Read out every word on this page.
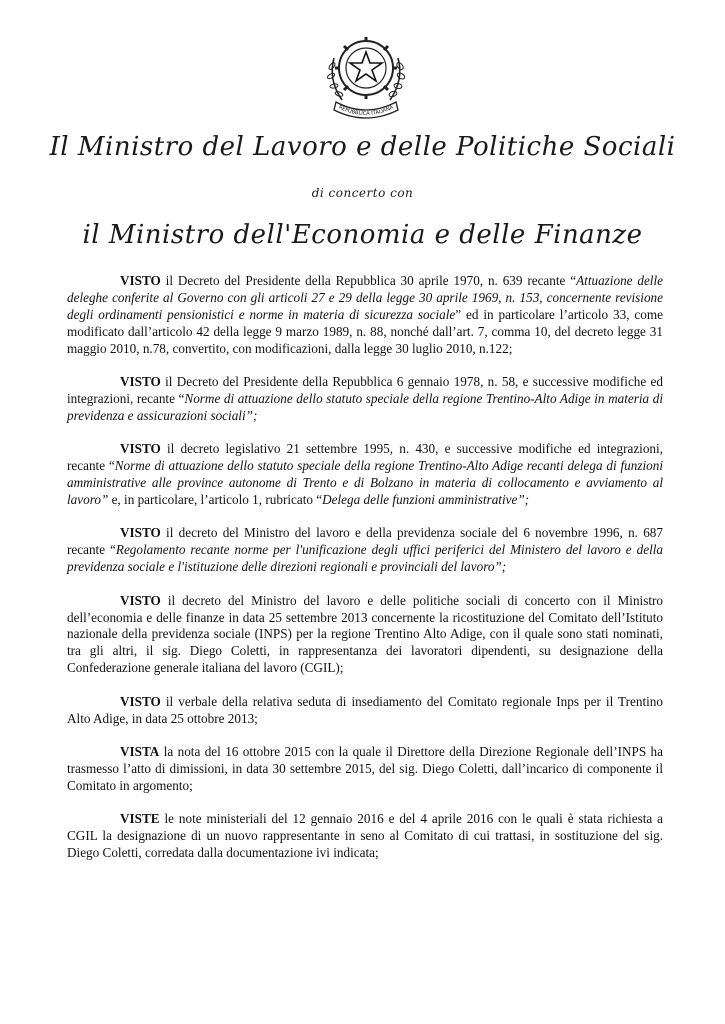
REPUBBLICA ITALIANA
Il Ministro del Lavoro e delle Politiche Sociali
di concerto con
il Ministro dell'Economia e delle Finanze

VISTO il Decreto del Presidente della Repubblica 30 aprile 1970, n. 639 recante “Attuazione delle deleghe conferite al Governo con gli articoli 27 e 29 della legge 30 aprile 1969, n. 153, concernente revisione degli ordinamenti pensionistici e norme in materia di sicurezza sociale” ed in particolare l’articolo 33, come modificato dall’articolo 42 della legge 9 marzo 1989, n. 88, nonché dall’art. 7, comma 10, del decreto legge 31 maggio 2010, n.78, convertito, con modificazioni, dalla legge 30 luglio 2010, n.122;

VISTO il Decreto del Presidente della Repubblica 6 gennaio 1978, n. 58, e successive modifiche ed integrazioni, recante “Norme di attuazione dello statuto speciale della regione Trentino-Alto Adige in materia di previdenza e assicurazioni sociali”;

VISTO il decreto legislativo 21 settembre 1995, n. 430, e successive modifiche ed integrazioni, recante “Norme di attuazione dello statuto speciale della regione Trentino-Alto Adige recanti delega di funzioni amministrative alle province autonome di Trento e di Bolzano in materia di collocamento e avviamento al lavoro” e, in particolare, l’articolo 1, rubricato “Delega delle funzioni amministrative”;

VISTO il decreto del Ministro del lavoro e della previdenza sociale del 6 novembre 1996, n. 687 recante “Regolamento recante norme per l'unificazione degli uffici periferici del Ministero del lavoro e della previdenza sociale e l'istituzione delle direzioni regionali e provinciali del lavoro”;

VISTO il decreto del Ministro del lavoro e delle politiche sociali di concerto con il Ministro dell’economia e delle finanze in data 25 settembre 2013 concernente la ricostituzione del Comitato dell’Istituto nazionale della previdenza sociale (INPS) per la regione Trentino Alto Adige, con il quale sono stati nominati, tra gli altri, il sig. Diego Coletti, in rappresentanza dei lavoratori dipendenti, su designazione della Confederazione generale italiana del lavoro (CGIL);

VISTO il verbale della relativa seduta di insediamento del Comitato regionale Inps per il Trentino Alto Adige, in data 25 ottobre 2013;

VISTA la nota del 16 ottobre 2015 con la quale il Direttore della Direzione Regionale dell’INPS ha trasmesso l’atto di dimissioni, in data 30 settembre 2015, del sig. Diego Coletti, dall’incarico di componente il Comitato in argomento;

VISTE le note ministeriali del 12 gennaio 2016 e del 4 aprile 2016 con le quali è stata richiesta a CGIL la designazione di un nuovo rappresentante in seno al Comitato di cui trattasi, in sostituzione del sig. Diego Coletti, corredata dalla documentazione ivi indicata;
